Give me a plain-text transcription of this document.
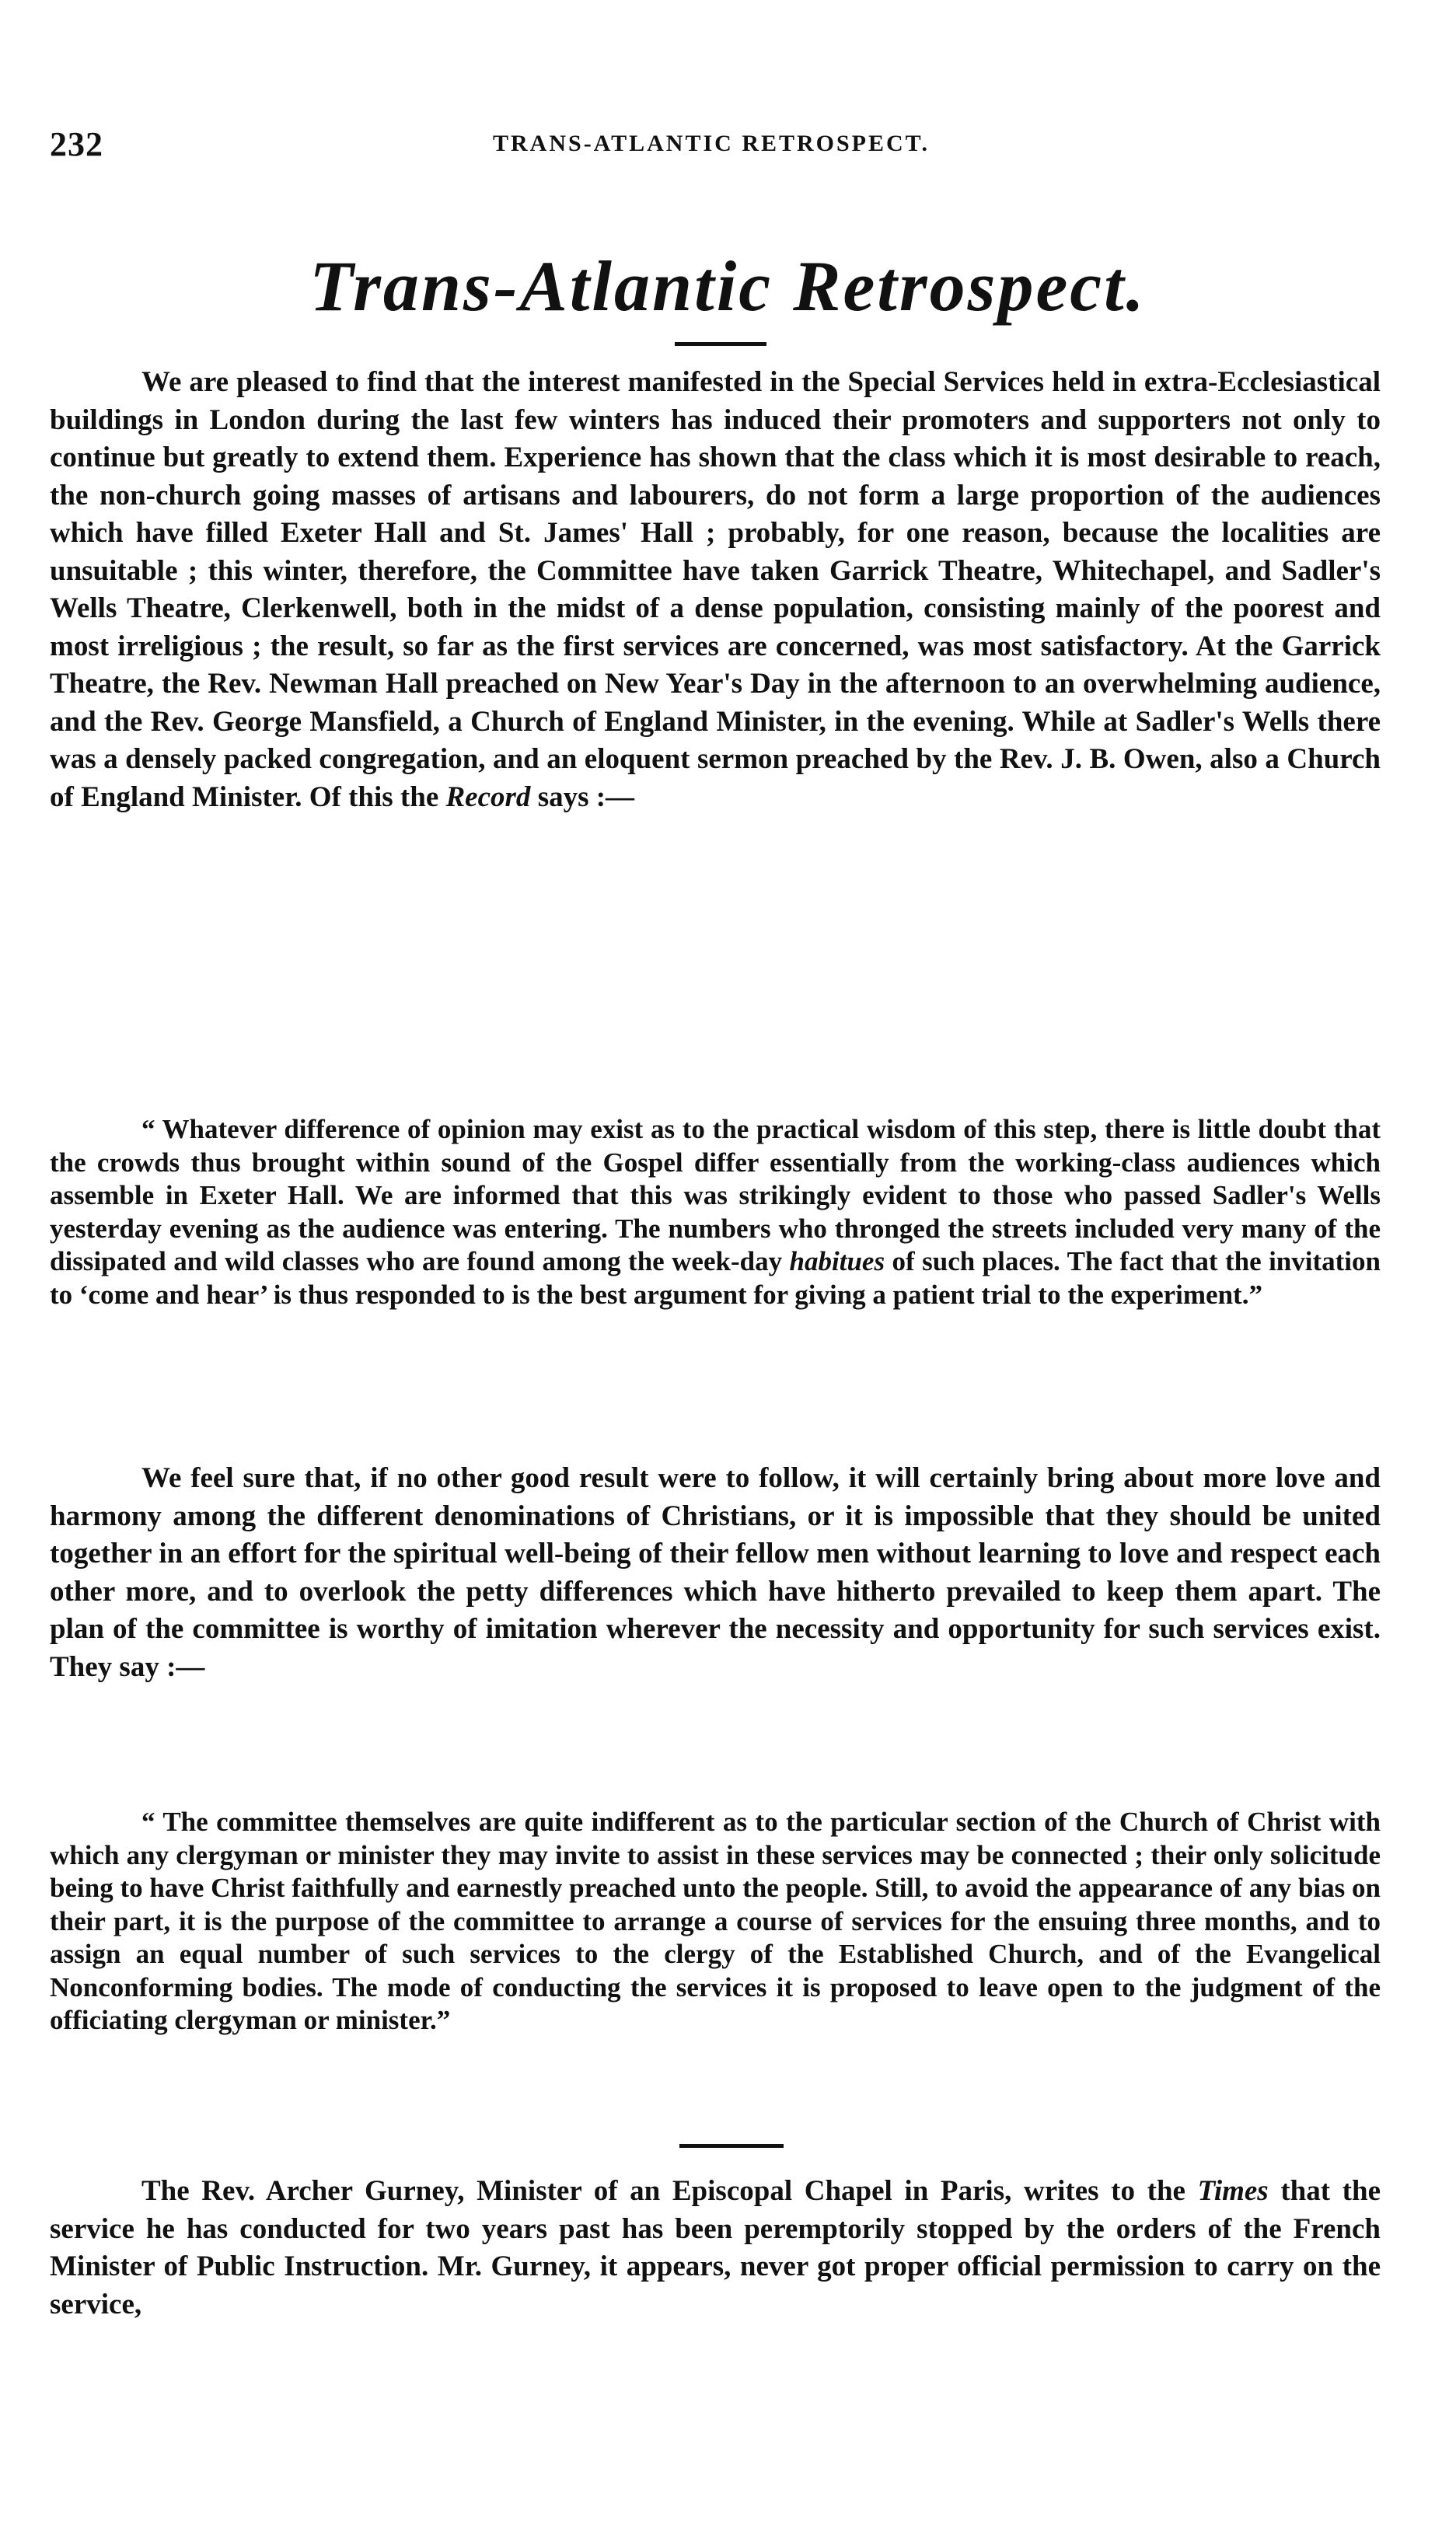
232	TRANS-ATLANTIC RETROSPECT.
Trans-Atlantic Retrospect.

We are pleased to find that the interest manifested in the Special Services held in extra-Ecclesiastical buildings in London during the last few winters has induced their promoters and supporters not only to continue but greatly to extend them. Experience has shown that the class which it is most desirable to reach, the non-church going masses of artisans and labourers, do not form a large proportion of the audiences which have filled Exeter Hall and St. James' Hall ; probably, for one reason, because the localities are unsuitable ; this winter, therefore, the Committee have taken Garrick Theatre, Whitechapel, and Sadler's Wells Theatre, Clerkenwell, both in the midst of a dense population, consisting mainly of the poorest and most irreligious ; the result, so far as the first services are concerned, was most satisfactory. At the Garrick Theatre, the Rev. Newman Hall preached on New Year's Day in the afternoon to an overwhelming audience, and the Rev. George Mansfield, a Church of England Minister, in the evening. While at Sadler's Wells there was a densely packed congregation, and an eloquent sermon preached by the Rev. J. B. Owen, also a Church of England Minister. Of this the Record says :—

“ Whatever difference of opinion may exist as to the practical wisdom of this step, there is little doubt that the crowds thus brought within sound of the Gospel differ essentially from the working-class audiences which assemble in Exeter Hall. We are informed that this was strikingly evident to those who passed Sadler's Wells yesterday evening as the audience was entering. The numbers who thronged the streets included very many of the dissipated and wild classes who are found among the week-day habitues of such places. The fact that the invitation to ‘come and hear’ is thus responded to is the best argument for giving a patient trial to the experiment.”

We feel sure that, if no other good result were to follow, it will certainly bring about more love and harmony among the different denominations of Christians, or it is impossible that they should be united together in an effort for the spiritual well-being of their fellow men without learning to love and respect each other more, and to overlook the petty differences which have hitherto prevailed to keep them apart. The plan of the committee is worthy of imitation wherever the necessity and opportunity for such services exist. They say :—

“ The committee themselves are quite indifferent as to the particular section of the Church of Christ with which any clergyman or minister they may invite to assist in these services may be connected ; their only solicitude being to have Christ faithfully and earnestly preached unto the people. Still, to avoid the appearance of any bias on their part, it is the purpose of the committee to arrange a course of services for the ensuing three months, and to assign an equal number of such services to the clergy of the Established Church, and of the Evangelical Nonconforming bodies. The mode of conducting the services it is proposed to leave open to the judgment of the officiating clergyman or minister.”

The Rev. Archer Gurney, Minister of an Episcopal Chapel in Paris, writes to the Times that the service he has conducted for two years past has been peremptorily stopped by the orders of the French Minister of Public Instruction. Mr. Gurney, it appears, never got proper official permission to carry on the service,
